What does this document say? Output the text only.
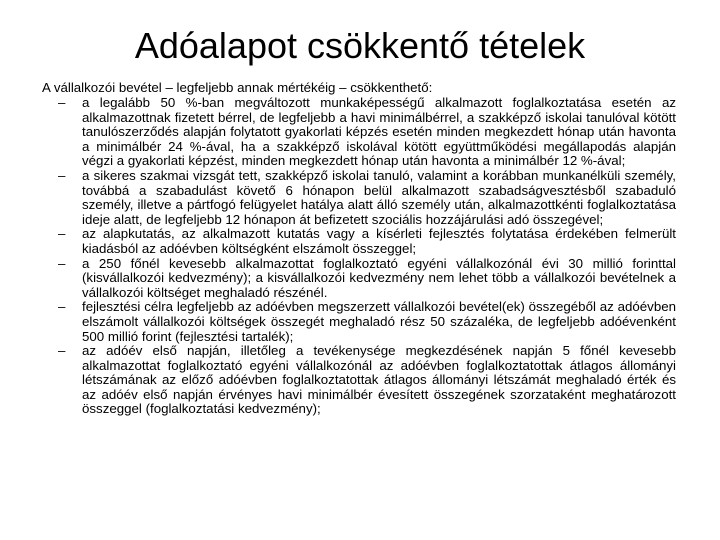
Adóalapot csökkentő tételek
A vállalkozói bevétel – legfeljebb annak mértékéig – csökkenthető:
– a legalább 50 %-ban megváltozott munkaképességű alkalmazott foglalkoztatása esetén az alkalmazottnak fizetett bérrel, de legfeljebb a havi minimálbérrel, a szakképző iskolai tanulóval kötött tanulószerződés alapján folytatott gyakorlati képzés esetén minden megkezdett hónap után havonta a minimálbér 24 %-ával, ha a szakképző iskolával kötött együttműködési megállapodás alapján végzi a gyakorlati képzést, minden megkezdett hónap után havonta a minimálbér 12 %-ával;
– a sikeres szakmai vizsgát tett, szakképző iskolai tanuló, valamint a korábban munkanélküli személy, továbbá a szabadulást követő 6 hónapon belül alkalmazott szabadságvesztésből szabaduló személy, illetve a pártfogó felügyelet hatálya alatt álló személy után, alkalmazottkénti foglalkoztatása ideje alatt, de legfeljebb 12 hónapon át befizetett szociális hozzájárulási adó összegével;
– az alapkutatás, az alkalmazott kutatás vagy a kísérleti fejlesztés folytatása érdekében felmerült kiadásból az adóévben költségként elszámolt összeggel;
– a 250 főnél kevesebb alkalmazottat foglalkoztató egyéni vállalkozónál évi 30 millió forinttal (kisvállalkozói kedvezmény); a kisvállalkozói kedvezmény nem lehet több a vállalkozói bevételnek a vállalkozói költséget meghaladó részénél.
– fejlesztési célra legfeljebb az adóévben megszerzett vállalkozói bevétel(ek) összegéből az adóévben elszámolt vállalkozói költségek összegét meghaladó rész 50 százaléka, de legfeljebb adóévenként 500 millió forint (fejlesztési tartalék);
– az adóév első napján, illetőleg a tevékenysége megkezdésének napján 5 főnél kevesebb alkalmazottat foglalkoztató egyéni vállalkozónál az adóévben foglalkoztatottak átlagos állományi létszámának az előző adóévben foglalkoztatottak átlagos állományi létszámát meghaladó érték és az adóév első napján érvényes havi minimálbér évesített összegének szorzataként meghatározott összeggel (foglalkoztatási kedvezmény);
